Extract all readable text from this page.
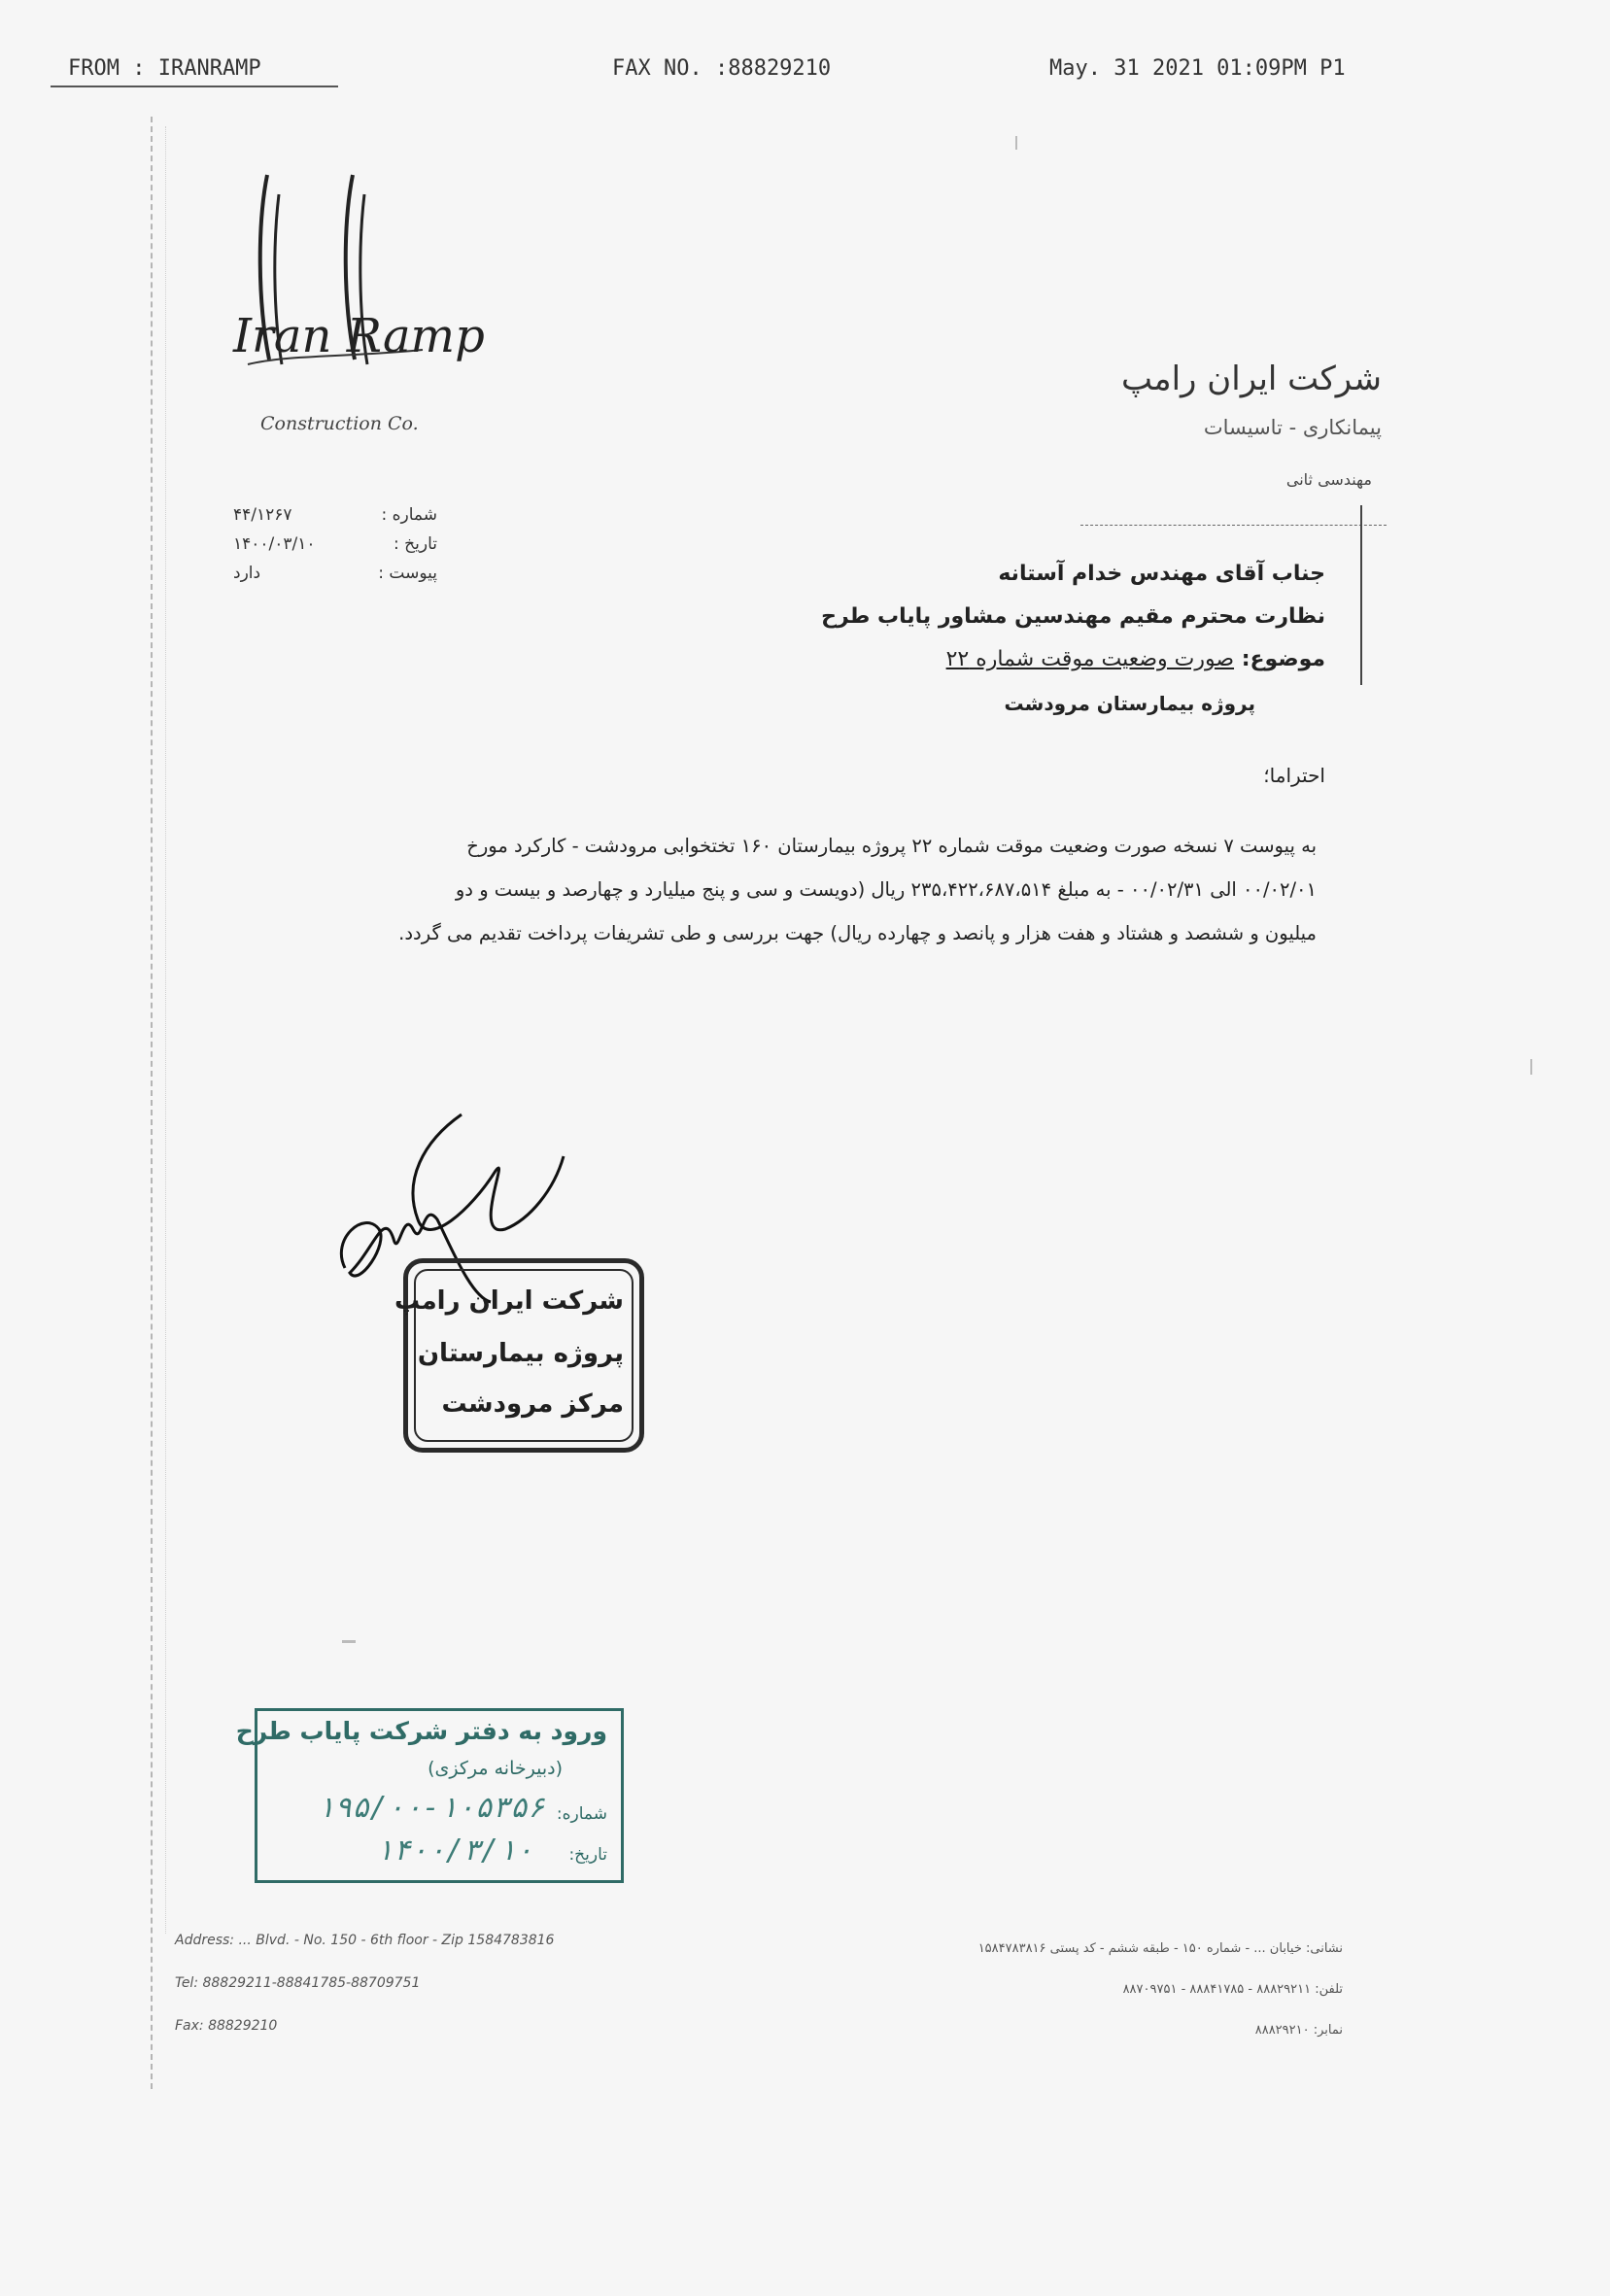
FROM : IRANRAMP	FAX NO. :88829210	May. 31 2021 01:09PM P1
Iran Ramp
Construction Co.
شماره :
۴۴/۱۲۶۷
تاریخ :
۱۴۰۰/۰۳/۱۰
پیوست :
دارد
شرکت ایران رامپ
پیمانکاری - تاسیسات
مهندسی ثانی
جناب آقای مهندس خدام آستانه
نظارت محترم مقیم مهندسین مشاور پایاب طرح
موضوع: صورت وضعیت موقت شماره ۲۲
پروژه بیمارستان مرودشت
احتراما؛

به پیوست ۷ نسخه صورت وضعیت موقت شماره ۲۲ پروژه بیمارستان ۱۶۰ تختخوابی مرودشت - کارکرد مورخ

۰۰/۰۲/۰۱ الی ۰۰/۰۲/۳۱ - به مبلغ ۲۳۵،۴۲۲،۶۸۷،۵۱۴ ریال (دویست و سی و پنج میلیارد و چهارصد و بیست و دو

میلیون و ششصد و هشتاد و هفت هزار و پانصد و چهارده ریال) جهت بررسی و طی تشریفات پرداخت تقدیم می گردد.

شرکت ایران رامپ
پروژه بیمارستان
مرکز مرودشت
ورود به دفتر شرکت پایاب طرح
(دبیرخانه مرکزی)
شماره:
۱۹۵/۰۰-۱۰۵۳۵۶
تاریخ:
۱۴۰۰/۳/۱۰
Address: ... Blvd. - No. 150 - 6th floor - Zip 1584783816
Tel: 88829211-88841785-88709751
Fax: 88829210
نشانی: خیابان ... - شماره ۱۵۰ - طبقه ششم - کد پستی ۱۵۸۴۷۸۳۸۱۶
تلفن: ۸۸۸۲۹۲۱۱ - ۸۸۸۴۱۷۸۵ - ۸۸۷۰۹۷۵۱
نمابر: ۸۸۸۲۹۲۱۰
